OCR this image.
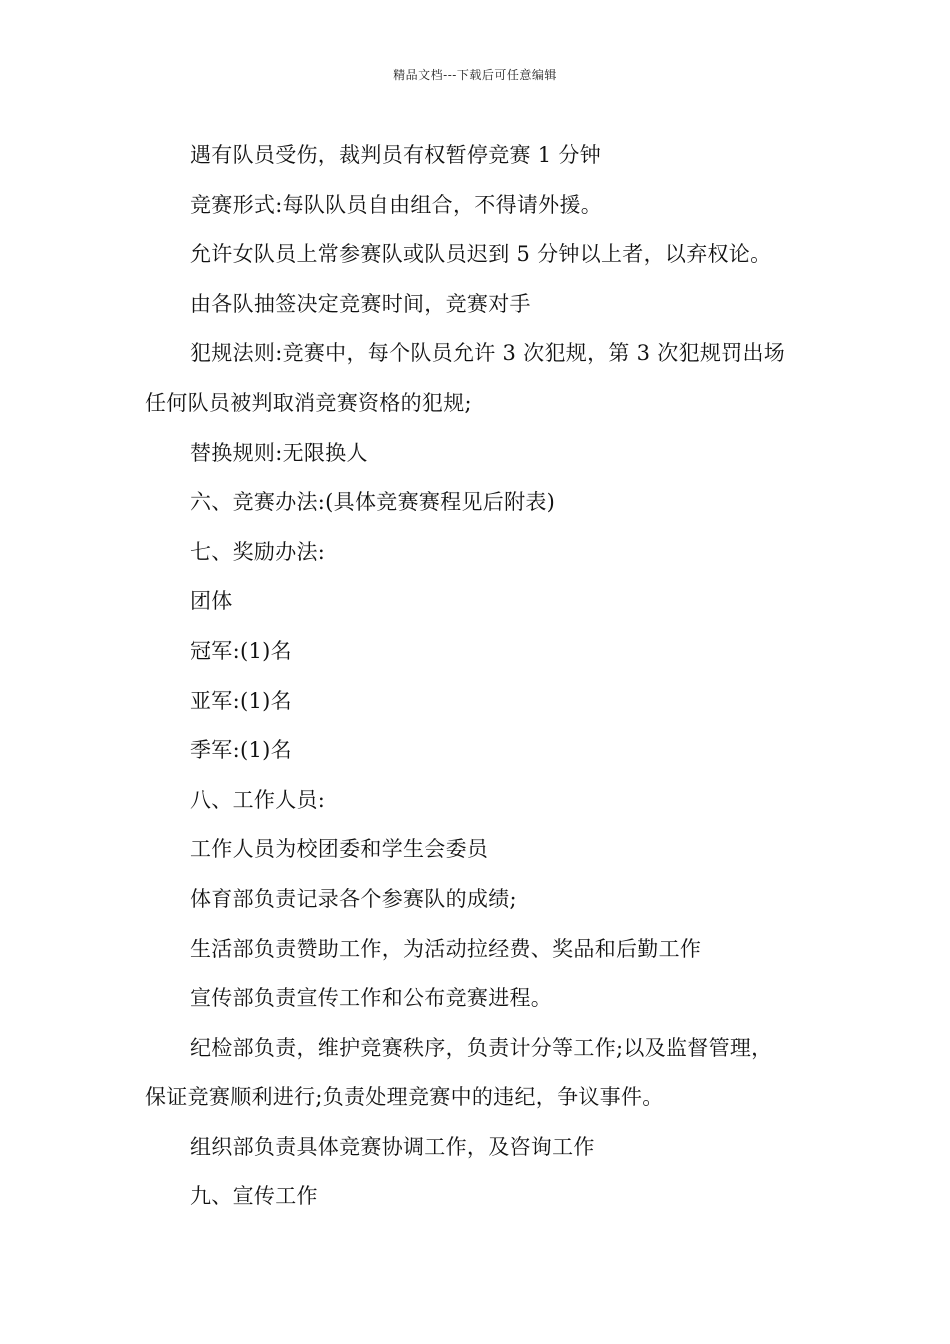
精品文档---下载后可任意编辑
遇有队员受伤，裁判员有权暂停竞赛 1 分钟
竞赛形式:每队队员自由组合，不得请外援。
允许女队员上常参赛队或队员迟到 5 分钟以上者，以弃权论。
由各队抽签决定竞赛时间，竞赛对手
犯规法则:竞赛中，每个队员允许 3 次犯规，第 3 次犯规罚出场
任何队员被判取消竞赛资格的犯规;
替换规则:无限换人
六、竞赛办法:(具体竞赛赛程见后附表)
七、奖励办法:
团体
冠军:(1)名
亚军:(1)名
季军:(1)名
八、工作人员:
工作人员为校团委和学生会委员
体育部负责记录各个参赛队的成绩;
生活部负责赞助工作，为活动拉经费、奖品和后勤工作
宣传部负责宣传工作和公布竞赛进程。
纪检部负责，维护竞赛秩序，负责计分等工作;以及监督管理，
保证竞赛顺利进行;负责处理竞赛中的违纪，争议事件。
组织部负责具体竞赛协调工作，及咨询工作
九、宣传工作
